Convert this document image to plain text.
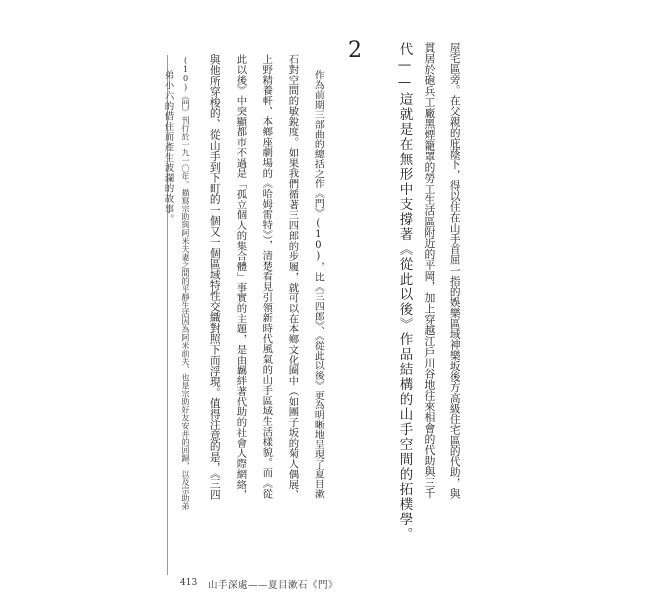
2	屋宅區旁。在父親的庇蔭下，得以住在山手首屈一指的娛樂區域神樂坂後方高級住宅區的代助，與
貫居於砲兵工廠黑煙籠罩的勞工生活區附近的平岡，加上穿越江戶川谷地往來相會的代助與三千
代——這就是在無形中支撐著《從此以後》作品結構的山手空間的拓樸學。
作為前期三部曲的總括之作《門》(10)，比《三四郎》、《從此以後》更為明晰地呈現了夏目漱
石對空間的敏銳度。如果我們循著三四郎的步履，就可以在本鄉文化圈中（如團子坂的菊人偶展、
上野精養軒、本鄉座劇場的《哈姆雷特》），清楚看見引領新時代風氣的山手區域生活樣貌。而《從
此以後》中突顯都市不過是「孤立個人的集合體」事實的主題，是由羈絆著代助的社會人際網絡，
與他所穿梭的、從山手到下町的一個又一個區域特性交織對照下而浮現。值得注意的是，《三四
(10)《門》刊行於一九一〇年。描寫宗助與阿米夫妻之間的平靜生活因為阿米前夫、也是宗助好友安井的回歸，以及宗助弟
弟小六的借住而產生波瀾的故事。
413 山手深處——夏目漱石《門》
